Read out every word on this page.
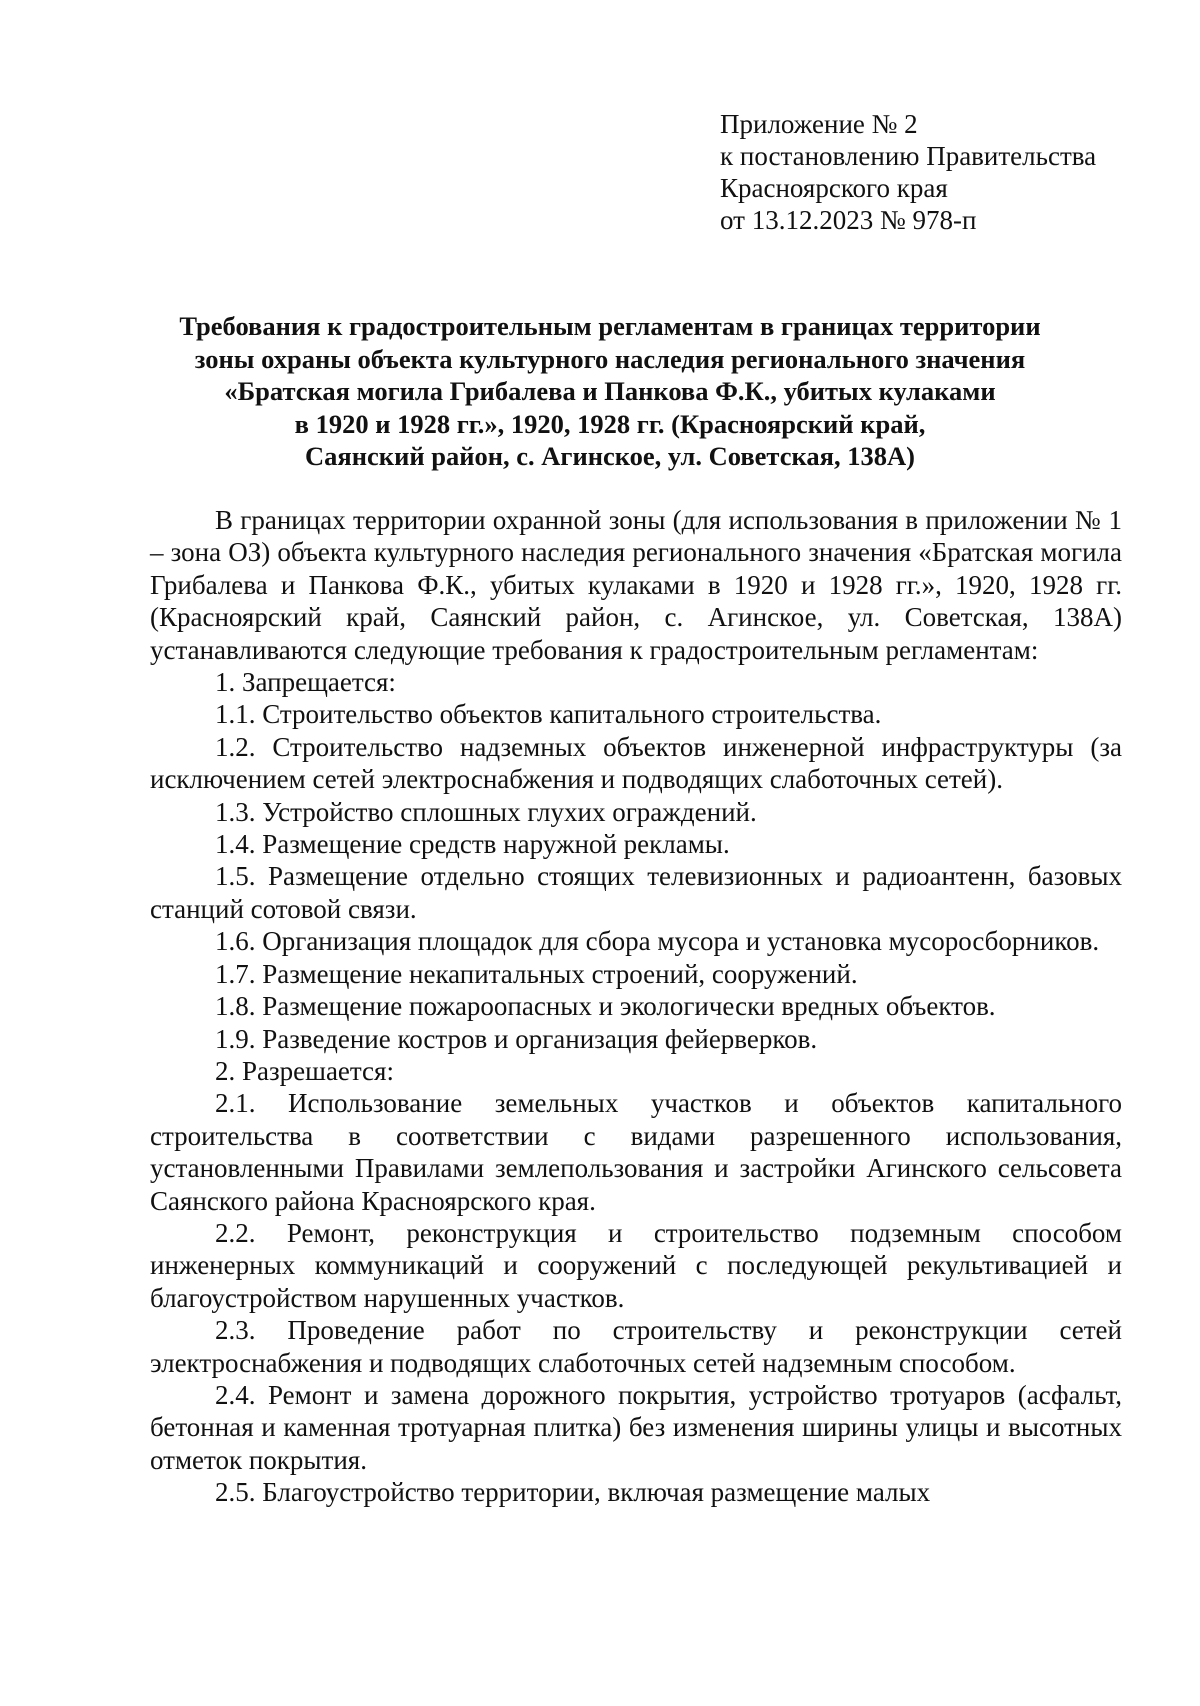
Приложение № 2
к постановлению Правительства
Красноярского края
от 13.12.2023 № 978-п
Требования к градостроительным регламентам в границах территории
зоны охраны объекта культурного наследия регионального значения
«Братская могила Грибалева и Панкова Ф.К., убитых кулаками
в 1920 и 1928 гг.», 1920, 1928 гг. (Красноярский край,
Саянский район, с. Агинское, ул. Советская, 138А)

В границах территории охранной зоны (для использования в приложении № 1 – зона ОЗ) объекта культурного наследия регионального значения «Братская могила Грибалева и Панкова Ф.К., убитых кулаками в 1920 и 1928 гг.», 1920, 1928 гг. (Красноярский край, Саянский район, с. Агинское, ул. Советская, 138А) устанавливаются следующие требования к градостроительным регламентам:

1. Запрещается:

1.1. Строительство объектов капитального строительства.

1.2. Строительство надземных объектов инженерной инфраструктуры (за исключением сетей электроснабжения и подводящих слаботочных сетей).

1.3. Устройство сплошных глухих ограждений.

1.4. Размещение средств наружной рекламы.

1.5. Размещение отдельно стоящих телевизионных и радиоантенн, базовых станций сотовой связи.

1.6. Организация площадок для сбора мусора и установка мусоросборников.

1.7. Размещение некапитальных строений, сооружений.

1.8. Размещение пожароопасных и экологически вредных объектов.

1.9. Разведение костров и организация фейерверков.

2. Разрешается:

2.1. Использование земельных участков и объектов капитального строительства в соответствии с видами разрешенного использования, установленными Правилами землепользования и застройки Агинского сельсовета Саянского района Красноярского края.

2.2. Ремонт, реконструкция и строительство подземным способом инженерных коммуникаций и сооружений с последующей рекультивацией и благоустройством нарушенных участков.

2.3. Проведение работ по строительству и реконструкции сетей электроснабжения и подводящих слаботочных сетей надземным способом.

2.4. Ремонт и замена дорожного покрытия, устройство тротуаров (асфальт, бетонная и каменная тротуарная плитка) без изменения ширины улицы и высотных отметок покрытия.

2.5. Благоустройство территории, включая размещение малых
